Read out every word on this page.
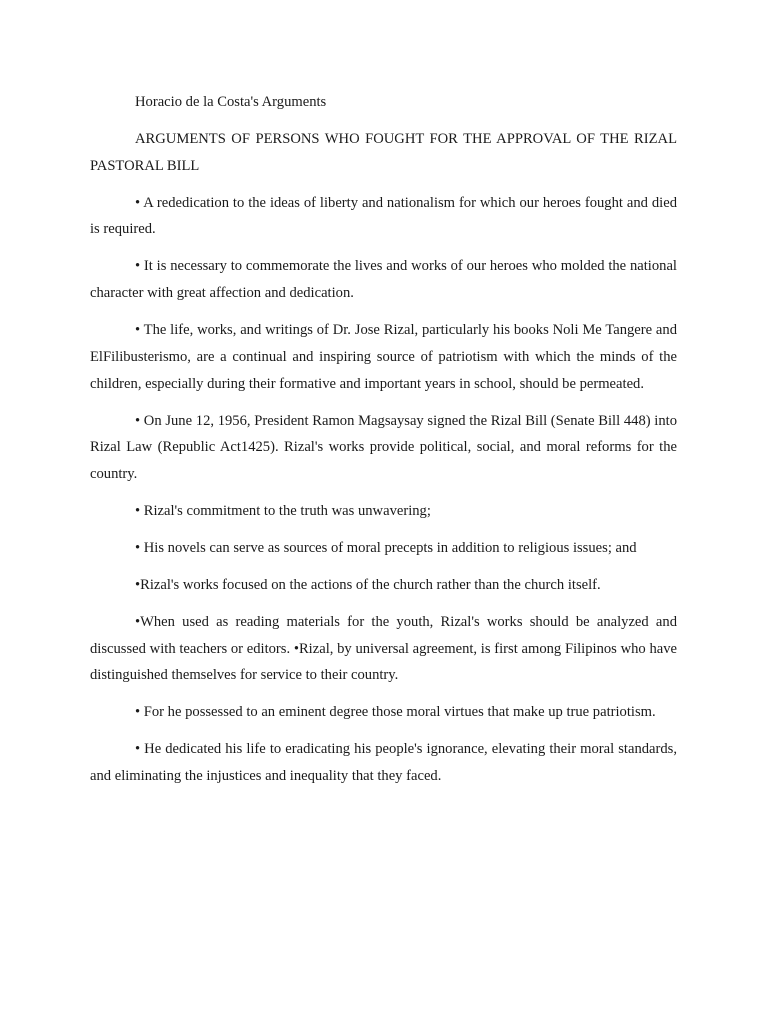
Horacio de la Costa's Arguments

ARGUMENTS OF PERSONS WHO FOUGHT FOR THE APPROVAL OF THE RIZAL PASTORAL BILL

• A rededication to the ideas of liberty and nationalism for which our heroes fought and died is required.

• It is necessary to commemorate the lives and works of our heroes who molded the national character with great affection and dedication.

• The life, works, and writings of Dr. Jose Rizal, particularly his books Noli Me Tangere and ElFilibusterismo, are a continual and inspiring source of patriotism with which the minds of the children, especially during their formative and important years in school, should be permeated.

• On June 12, 1956, President Ramon Magsaysay signed the Rizal Bill (Senate Bill 448) into Rizal Law (Republic Act1425). Rizal's works provide political, social, and moral reforms for the country.

• Rizal's commitment to the truth was unwavering;

• His novels can serve as sources of moral precepts in addition to religious issues; and

•Rizal's works focused on the actions of the church rather than the church itself.

•When used as reading materials for the youth, Rizal's works should be analyzed and discussed with teachers or editors. •Rizal, by universal agreement, is first among Filipinos who have distinguished themselves for service to their country.

• For he possessed to an eminent degree those moral virtues that make up true patriotism.

• He dedicated his life to eradicating his people's ignorance, elevating their moral standards, and eliminating the injustices and inequality that they faced.
